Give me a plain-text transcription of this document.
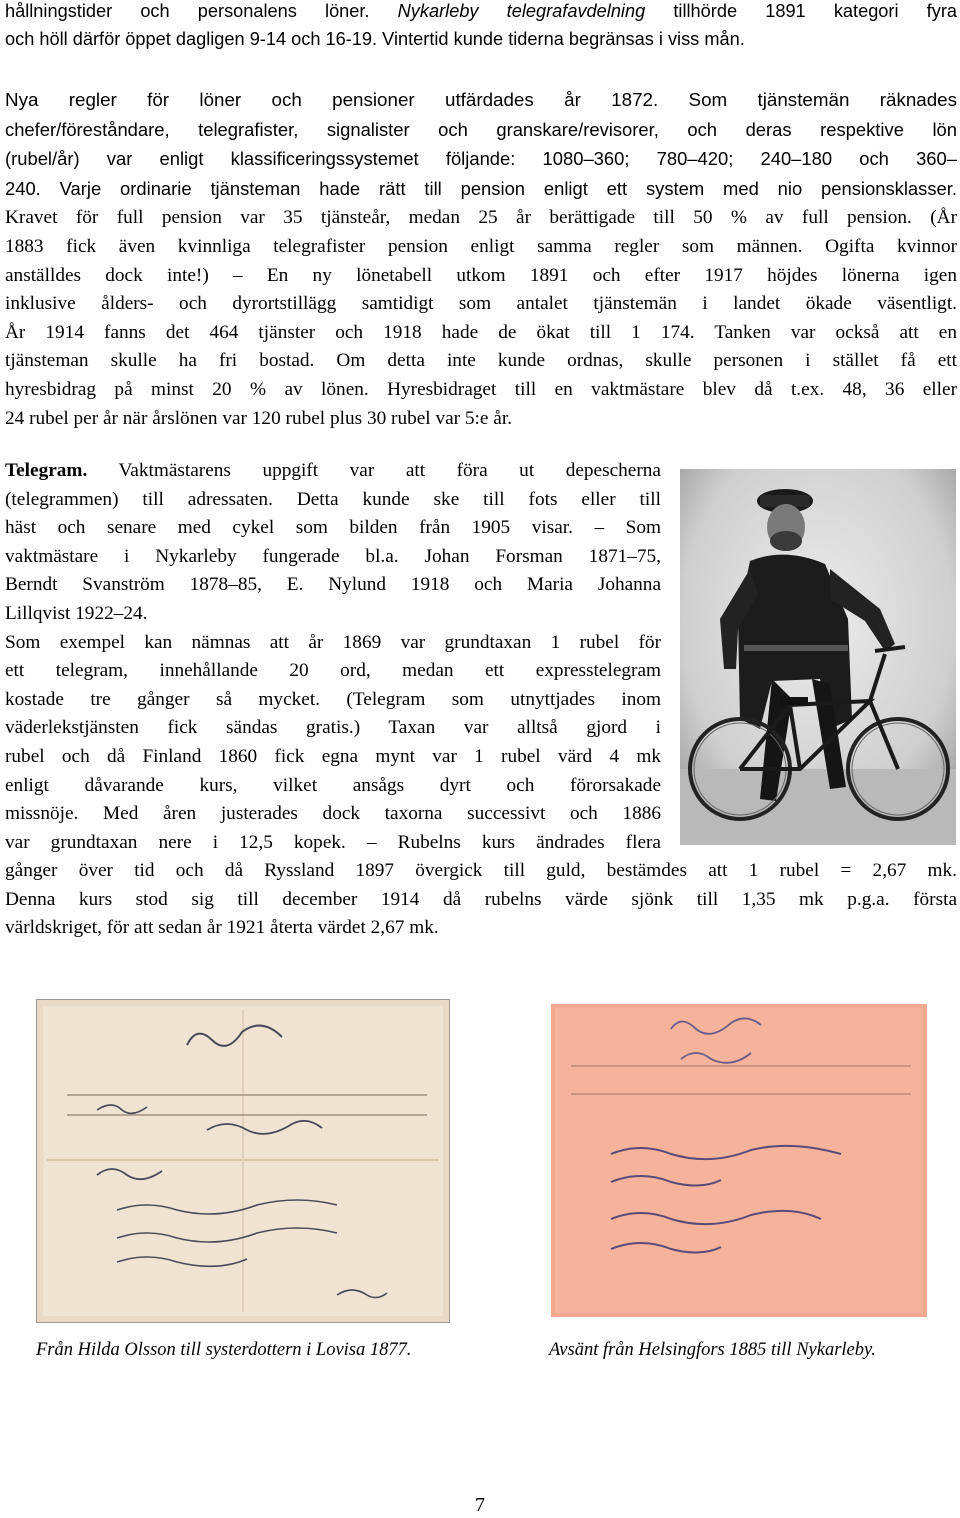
hållningstider och personalens löner. Nykarleby telegrafavdelning tillhörde 1891 kategori fyra
och höll därför öppet dagligen 9-14 och 16-19. Vintertid kunde tiderna begränsas i viss mån.
Nya regler för löner och pensioner utfärdades år 1872. Som tjänstemän räknades
chefer/föreståndare, telegrafister, signalister och granskare/revisorer, och deras respektive lön
(rubel/år) var enligt klassificeringssystemet följande: 1080–360; 780–420; 240–180 och 360–
240. Varje ordinarie tjänsteman hade rätt till pension enligt ett system med nio pensionsklasser.
Kravet för full pension var 35 tjänsteår, medan 25 år berättigade till 50 % av full pension. (År
1883 fick även kvinnliga telegrafister pension enligt samma regler som männen. Ogifta kvinnor
anställdes dock inte!) – En ny lönetabell utkom 1891 och efter 1917 höjdes lönerna igen
inklusive ålders- och dyrortstillägg samtidigt som antalet tjänstemän i landet ökade väsentligt.
År 1914 fanns det 464 tjänster och 1918 hade de ökat till 1 174. Tanken var också att en
tjänsteman skulle ha fri bostad. Om detta inte kunde ordnas, skulle personen i stället få ett
hyresbidrag på minst 20 % av lönen. Hyresbidraget till en vaktmästare blev då t.ex. 48, 36 eller
24 rubel per år när årslönen var 120 rubel plus 30 rubel var 5:e år.
Telegram. Vaktmästarens uppgift var att föra ut depescherna
(telegrammen) till adressaten. Detta kunde ske till fots eller till
häst och senare med cykel som bilden från 1905 visar. – Som
vaktmästare i Nykarleby fungerade bl.a. Johan Forsman 1871–75,
Berndt Svanström 1878–85, E. Nylund 1918 och Maria Johanna
Lillqvist 1922–24.
Som exempel kan nämnas att år 1869 var grundtaxan 1 rubel för
ett telegram, innehållande 20 ord, medan ett expresstelegram
kostade tre gånger så mycket. (Telegram som utnyttjades inom
väderlekstjänsten fick sändas gratis.) Taxan var alltså gjord i
rubel och då Finland 1860 fick egna mynt var 1 rubel värd 4 mk
enligt dåvarande kurs, vilket ansågs dyrt och förorsakade
missnöje. Med åren justerades dock taxorna successivt och 1886
var grundtaxan nere i 12,5 kopek. – Rubelns kurs ändrades flera
gånger över tid och då Ryssland 1897 övergick till guld, bestämdes att 1 rubel = 2,67 mk.
Denna kurs stod sig till december 1914 då rubelns värde sjönk till 1,35 mk p.g.a. första
världskriget, för att sedan år 1921 återta värdet 2,67 mk.
Från Hilda Olsson till systerdottern i Lovisa 1877.	Avsänt från Helsingfors 1885 till Nykarleby.
7
